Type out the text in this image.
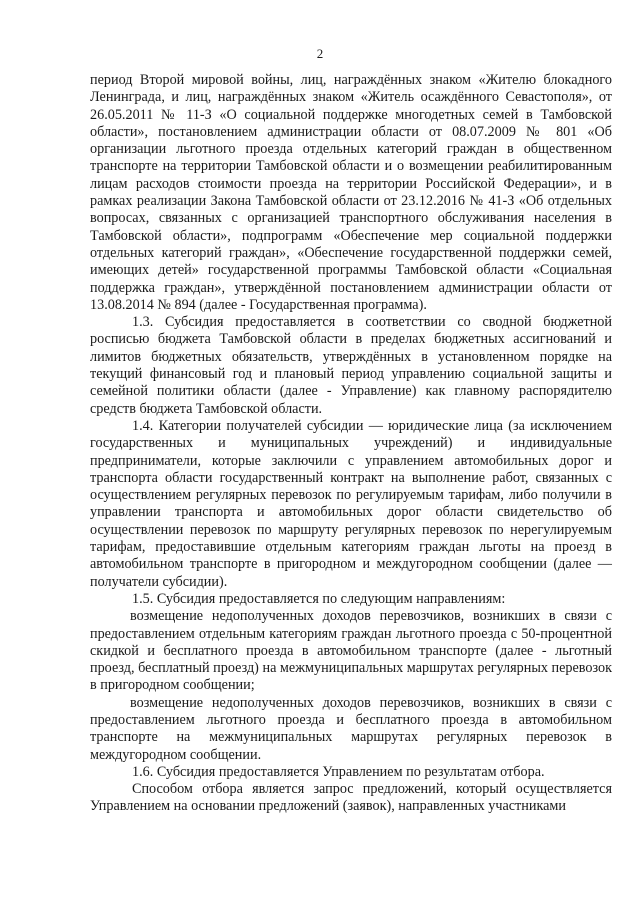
2

период Второй мировой войны, лиц, награждённых знаком «Жителю блокадного Ленинграда, и лиц, награждённых знаком «Житель осаждённого Севастополя», от 26.05.2011 № 11-З «О социальной поддержке многодетных семей в Тамбовской области», постановлением администрации области от 08.07.2009 № 801 «Об организации льготного проезда отдельных категорий граждан в общественном транспорте на территории Тамбовской области и о возмещении реабилитированным лицам расходов стоимости проезда на территории Российской Федерации», и в рамках реализации Закона Тамбовской области от 23.12.2016 № 41-З «Об отдельных вопросах, связанных с организацией транспортного обслуживания населения в Тамбовской области», подпрограмм «Обеспечение мер социальной поддержки отдельных категорий граждан», «Обеспечение государственной поддержки семей, имеющих детей» государственной программы Тамбовской области «Социальная поддержка граждан», утверждённой постановлением администрации области от 13.08.2014 № 894 (далее - Государственная программа).

1.3. Субсидия предоставляется в соответствии со сводной бюджетной росписью бюджета Тамбовской области в пределах бюджетных ассигнований и лимитов бюджетных обязательств, утверждённых в установленном порядке на текущий финансовый год и плановый период управлению социальной защиты и семейной политики области (далее - Управление) как главному распорядителю средств бюджета Тамбовской области.

1.4. Категории получателей субсидии — юридические лица (за исключением государственных и муниципальных учреждений) и индивидуальные предприниматели, которые заключили с управлением автомобильных дорог и транспорта области государственный контракт на выполнение работ, связанных с осуществлением регулярных перевозок по регулируемым тарифам, либо получили в управлении транспорта и автомобильных дорог области свидетельство об осуществлении перевозок по маршруту регулярных перевозок по нерегулируемым тарифам, предоставившие отдельным категориям граждан льготы на проезд в автомобильном транспорте в пригородном и междугородном сообщении (далее — получатели субсидии).

1.5. Субсидия предоставляется по следующим направлениям:

возмещение недополученных доходов перевозчиков, возникших в связи с предоставлением отдельным категориям граждан льготного проезда с 50-процентной скидкой и бесплатного проезда в автомобильном транспорте (далее - льготный проезд, бесплатный проезд) на межмуниципальных маршрутах регулярных перевозок в пригородном сообщении;

возмещение недополученных доходов перевозчиков, возникших в связи с предоставлением льготного проезда и бесплатного проезда в автомобильном транспорте на межмуниципальных маршрутах регулярных перевозок в междугородном сообщении.

1.6. Субсидия предоставляется Управлением по результатам отбора.

Способом отбора является запрос предложений, который осуществляется Управлением на основании предложений (заявок), направленных участниками
